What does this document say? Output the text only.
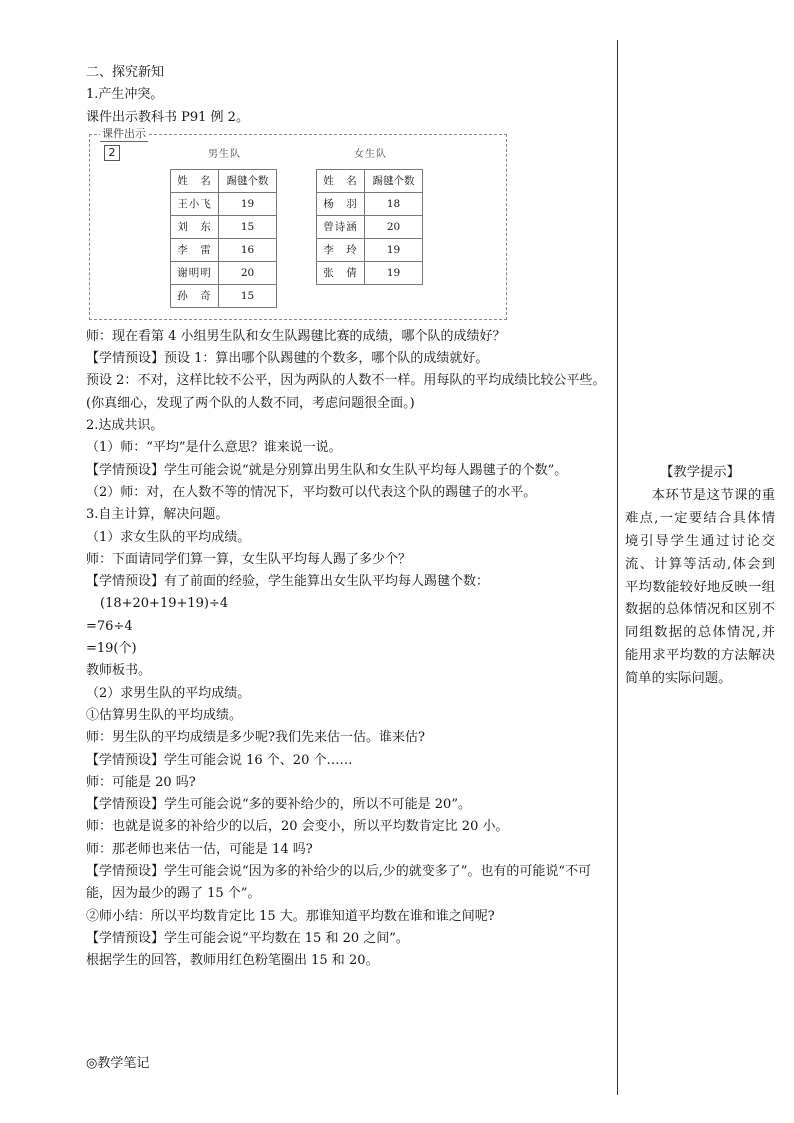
二、探究新知

1.产生冲突。

课件出示教科书 P91 例 2。

课件出示
2	男生队
姓　名	踢毽个数
王小飞	19
刘　东	15
李　雷	16
谢明明	20
孙　奇	15
女生队
姓　名	踢毽个数
杨　羽	18
曾诗涵	20
李　玲	19
张　倩	19

师：现在看第 4 小组男生队和女生队踢毽比赛的成绩，哪个队的成绩好？

【学情预设】预设 1：算出哪个队踢毽的个数多，哪个队的成绩就好。

预设 2：不对，这样比较不公平，因为两队的人数不一样。用每队的平均成绩比较公平些。(你真细心，发现了两个队的人数不同，考虑问题很全面。)

2.达成共识。

（1）师：“平均”是什么意思？谁来说一说。

【学情预设】学生可能会说“就是分别算出男生队和女生队平均每人踢毽子的个数”。

（2）师：对，在人数不等的情况下，平均数可以代表这个队的踢毽子的水平。

3.自主计算，解决问题。

（1）求女生队的平均成绩。

师：下面请同学们算一算，女生队平均每人踢了多少个？

【学情预设】有了前面的经验，学生能算出女生队平均每人踢毽个数：

(18+20+19+19)÷4

=76÷4

=19(个)

教师板书。

（2）求男生队的平均成绩。

①估算男生队的平均成绩。

师：男生队的平均成绩是多少呢?我们先来估一估。谁来估?

【学情预设】学生可能会说 16 个、20 个……

师：可能是 20 吗?

【学情预设】学生可能会说“多的要补给少的，所以不可能是 20”。

师：也就是说多的补给少的以后，20 会变小，所以平均数肯定比 20 小。

师：那老师也来估一估，可能是 14 吗?

【学情预设】学生可能会说“因为多的补给少的以后,少的就变多了”。也有的可能说“不可能，因为最少的踢了 15 个”。

②师小结：所以平均数肯定比 15 大。那谁知道平均数在谁和谁之间呢?

【学情预设】学生可能会说“平均数在 15 和 20 之间”。

根据学生的回答，教师用红色粉笔圈出 15 和 20。

【教学提示】

本环节是这节课的重难点,一定要结合具体情境引导学生通过讨论交流、计算等活动,体会到平均数能较好地反映一组数据的总体情况和区别不同组数据的总体情况,并能用求平均数的方法解决简单的实际问题。

◎教学笔记
